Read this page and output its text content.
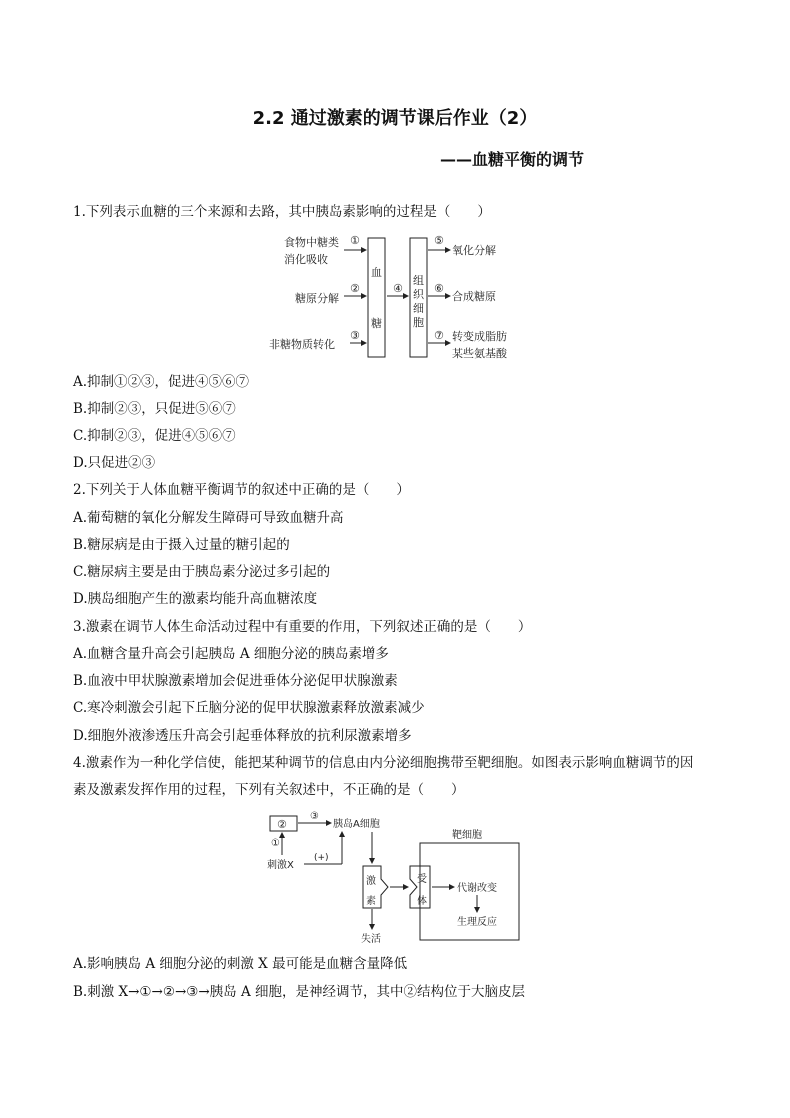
2.2 通过激素的调节课后作业（2）
——血糖平衡的调节
1.下列表示血糖的三个来源和去路，其中胰岛素影响的过程是（　　）
食物中糖类
消化吸收
糖原分解
非糖物质转化
①
②
③
血
糖
④
组
织
细
胞
⑤
⑥
⑦
氧化分解
合成糖原
转变成脂肪
某些氨基酸
A.抑制①②③，促进④⑤⑥⑦
B.抑制②③，只促进⑤⑥⑦
C.抑制②③，促进④⑤⑥⑦
D.只促进②③
2.下列关于人体血糖平衡调节的叙述中正确的是（　　）
A.葡萄糖的氧化分解发生障碍可导致血糖升高
B.糖尿病是由于摄入过量的糖引起的
C.糖尿病主要是由于胰岛素分泌过多引起的
D.胰岛细胞产生的激素均能升高血糖浓度
3.激素在调节人体生命活动过程中有重要的作用，下列叙述正确的是（　　）
A.血糖含量升高会引起胰岛 A 细胞分泌的胰岛素增多
B.血液中甲状腺激素增加会促进垂体分泌促甲状腺激素
C.寒冷刺激会引起下丘脑分泌的促甲状腺激素释放激素减少
D.细胞外液渗透压升高会引起垂体释放的抗利尿激素增多
4.激素作为一种化学信使，能把某种调节的信息由内分泌细胞携带至靶细胞。如图表示影响血糖调节的因
素及激素发挥作用的过程，下列有关叙述中，不正确的是（　　）
②
③
胰岛A细胞
①
刺激X
(+)
靶细胞
激
素
受
体
代谢改变
生理反应
失活
A.影响胰岛 A 细胞分泌的刺激 X 最可能是血糖含量降低
B.刺激 X→①→②→③→胰岛 A 细胞，是神经调节，其中②结构位于大脑皮层
